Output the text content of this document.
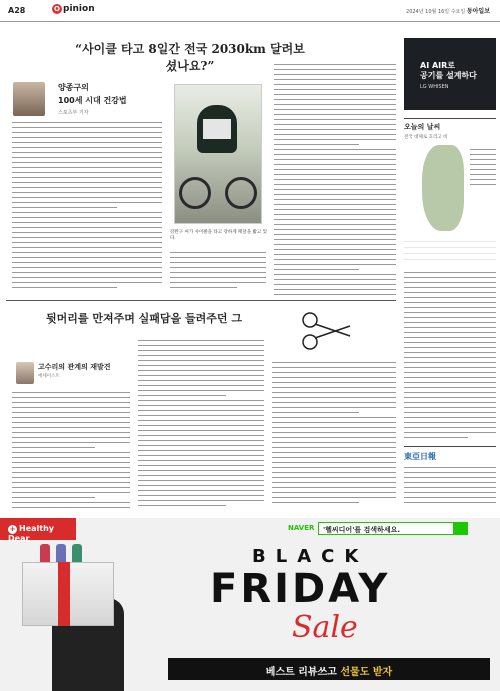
A28	O pinion	2024년 10월 16일 수요일 동아일보
“사이클 타고 8일간 전국 2030km 달려보셨나요?”
양종구의
100세 시대 건강법
스포츠부 기자
강완구 씨가 사이클을 타고 강하게 페달을 밟고 있다.
AI AIR로
공기를 설계하다
LG WHISEN
오늘의 날씨
전국 대체로 흐리고 비
뒷머리를 만져주며 실패담을 들려주던 그
고수리의 관계의 재발견
에세이스트
東亞日報
+ Healthy Dear
NAVER	'헬씨디어'를 검색하세요.
BLACK
FRIDAY
Sale
베스트 리뷰쓰고 선물도 받자
